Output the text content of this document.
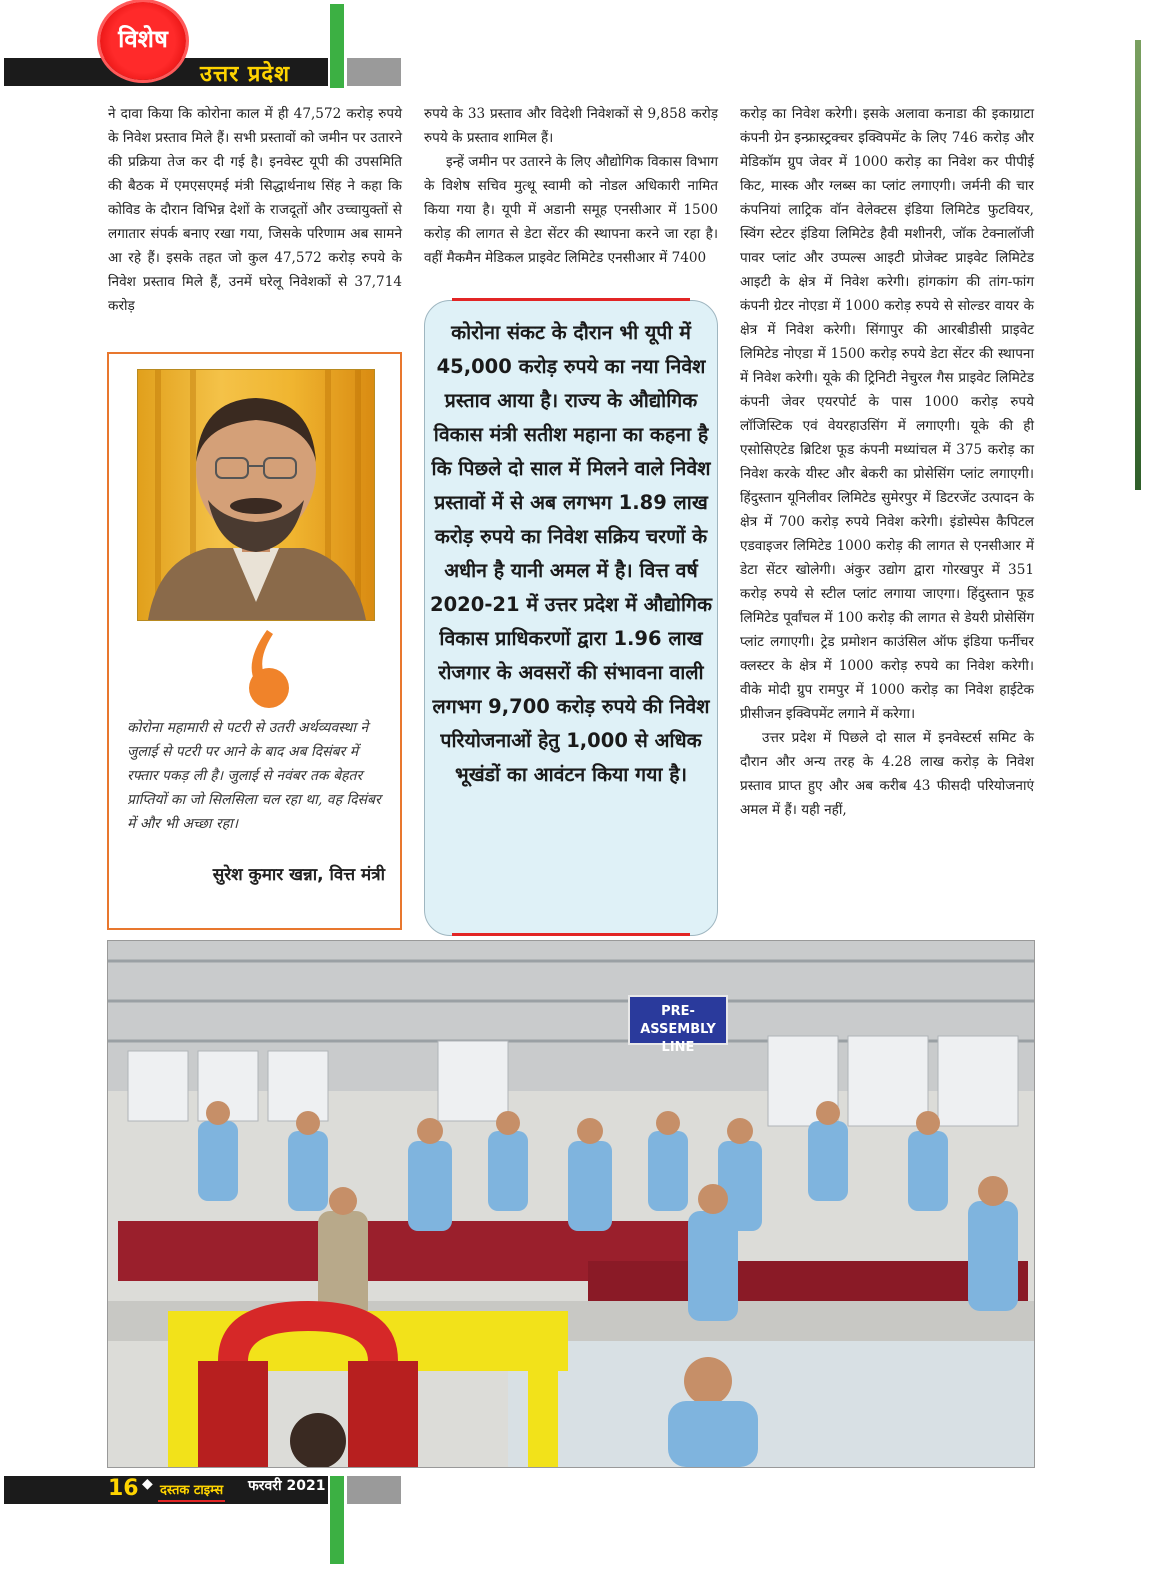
विशेष
उत्तर प्रदेश

ने दावा किया कि कोरोना काल में ही 47,572 करोड़ रुपये के निवेश प्रस्ताव मिले हैं। सभी प्रस्तावों को जमीन पर उतारने की प्रक्रिया तेज कर दी गई है। इनवेस्ट यूपी की उपसमिति की बैठक में एमएसएमई मंत्री सिद्धार्थनाथ सिंह ने कहा कि कोविड के दौरान विभिन्न देशों के राजदूतों और उच्चायुक्तों से लगातार संपर्क बनाए रखा गया, जिसके परिणाम अब सामने आ रहे हैं। इसके तहत जो कुल 47,572 करोड़ रुपये के निवेश प्रस्ताव मिले हैं, उनमें घरेलू निवेशकों से 37,714 करोड़

रुपये के 33 प्रस्ताव और विदेशी निवेशकों से 9,858 करोड़ रुपये के प्रस्ताव शामिल हैं।

इन्हें जमीन पर उतारने के लिए औद्योगिक विकास विभाग के विशेष सचिव मुत्थू स्वामी को नोडल अधिकारी नामित किया गया है। यूपी में अडानी समूह एनसीआर में 1500 करोड़ की लागत से डेटा सेंटर की स्थापना करने जा रहा है। वहीं मैकमैन मेडिकल प्राइवेट लिमिटेड एनसीआर में 7400

करोड़ का निवेश करेगी। इसके अलावा कनाडा की इकाग्राटा कंपनी ग्रेन इन्फ्रास्ट्रक्चर इक्विपमेंट के लिए 746 करोड़ और मेडिकॉम ग्रुप जेवर में 1000 करोड़ का निवेश कर पीपीई किट, मास्क और ग्लब्स का प्लांट लगाएगी। जर्मनी की चार कंपनियां लाट्रिक वॉन वेलेक्टस इंडिया लिमिटेड फुटवियर, स्विंग स्टेटर इंडिया लिमिटेड हैवी मशीनरी, जॉक टेक्नालॉजी पावर प्लांट और उप्पल्स आइटी प्रोजेक्ट प्राइवेट लिमिटेड आइटी के क्षेत्र में निवेश करेगी। हांगकांग की तांग-फांग कंपनी ग्रेटर नोएडा में 1000 करोड़ रुपये से सोल्डर वायर के क्षेत्र में निवेश करेगी। सिंगापुर की आरबीडीसी प्राइवेट लिमिटेड नोएडा में 1500 करोड़ रुपये डेटा सेंटर की स्थापना में निवेश करेगी। यूके की ट्रिनिटी नेचुरल गैस प्राइवेट लिमिटेड कंपनी जेवर एयरपोर्ट के पास 1000 करोड़ रुपये लॉजिस्टिक एवं वेयरहाउसिंग में लगाएगी। यूके की ही एसोसिएटेड ब्रिटिश फूड कंपनी मध्यांचल में 375 करोड़ का निवेश करके यीस्ट और बेकरी का प्रोसेसिंग प्लांट लगाएगी। हिंदुस्तान यूनिलीवर लिमिटेड सुमेरपुर में डिटरजेंट उत्पादन के क्षेत्र में 700 करोड़ रुपये निवेश करेगी। इंडोस्पेस कैपिटल एडवाइजर लिमिटेड 1000 करोड़ की लागत से एनसीआर में डेटा सेंटर खोलेगी। अंकुर उद्योग द्वारा गोरखपुर में 351 करोड़ रुपये से स्टील प्लांट लगाया जाएगा। हिंदुस्तान फूड लिमिटेड पूर्वांचल में 100 करोड़ की लागत से डेयरी प्रोसेसिंग प्लांट लगाएगी। ट्रेड प्रमोशन काउंसिल ऑफ इंडिया फर्नीचर क्लस्टर के क्षेत्र में 1000 करोड़ रुपये का निवेश करेगी। वीके मोदी ग्रुप रामपुर में 1000 करोड़ का निवेश हाईटेक प्रीसीजन इक्विपमेंट लगाने में करेगा।

उत्तर प्रदेश में पिछले दो साल में इनवेस्टर्स समिट के दौरान और अन्य तरह के 4.28 लाख करोड़ के निवेश प्रस्ताव प्राप्त हुए और अब करीब 43 फीसदी परियोजनाएं अमल में हैं। यही नहीं,

कोरोना महामारी से पटरी से उतरी अर्थव्यवस्था ने जुलाई से पटरी पर आने के बाद अब दिसंबर में रफ्तार पकड़ ली है। जुलाई से नवंबर तक बेहतर प्राप्तियों का जो सिलसिला चल रहा था, वह दिसंबर में और भी अच्छा रहा।
सुरेश कुमार खन्ना, वित्त मंत्री
कोरोना संकट के दौरान भी यूपी में 45,000 करोड़ रुपये का नया निवेश प्रस्ताव आया है। राज्य के औद्योगिक विकास मंत्री सतीश महाना का कहना है कि पिछले दो साल में मिलने वाले निवेश प्रस्तावों में से अब लगभग 1.89 लाख करोड़ रुपये का निवेश सक्रिय चरणों के अधीन है यानी अमल में है। वित्त वर्ष 2020-21 में उत्तर प्रदेश में औद्योगिक विकास प्राधिकरणों द्वारा 1.96 लाख रोजगार के अवसरों की संभावना वाली लगभग 9,700 करोड़ रुपये की निवेश परियोजनाओं हेतु 1,000 से अधिक भूखंडों का आवंटन किया गया है।
PRE-ASSEMBLY LINE
16 ◆ दस्तक टाइम्स फरवरी 2021
